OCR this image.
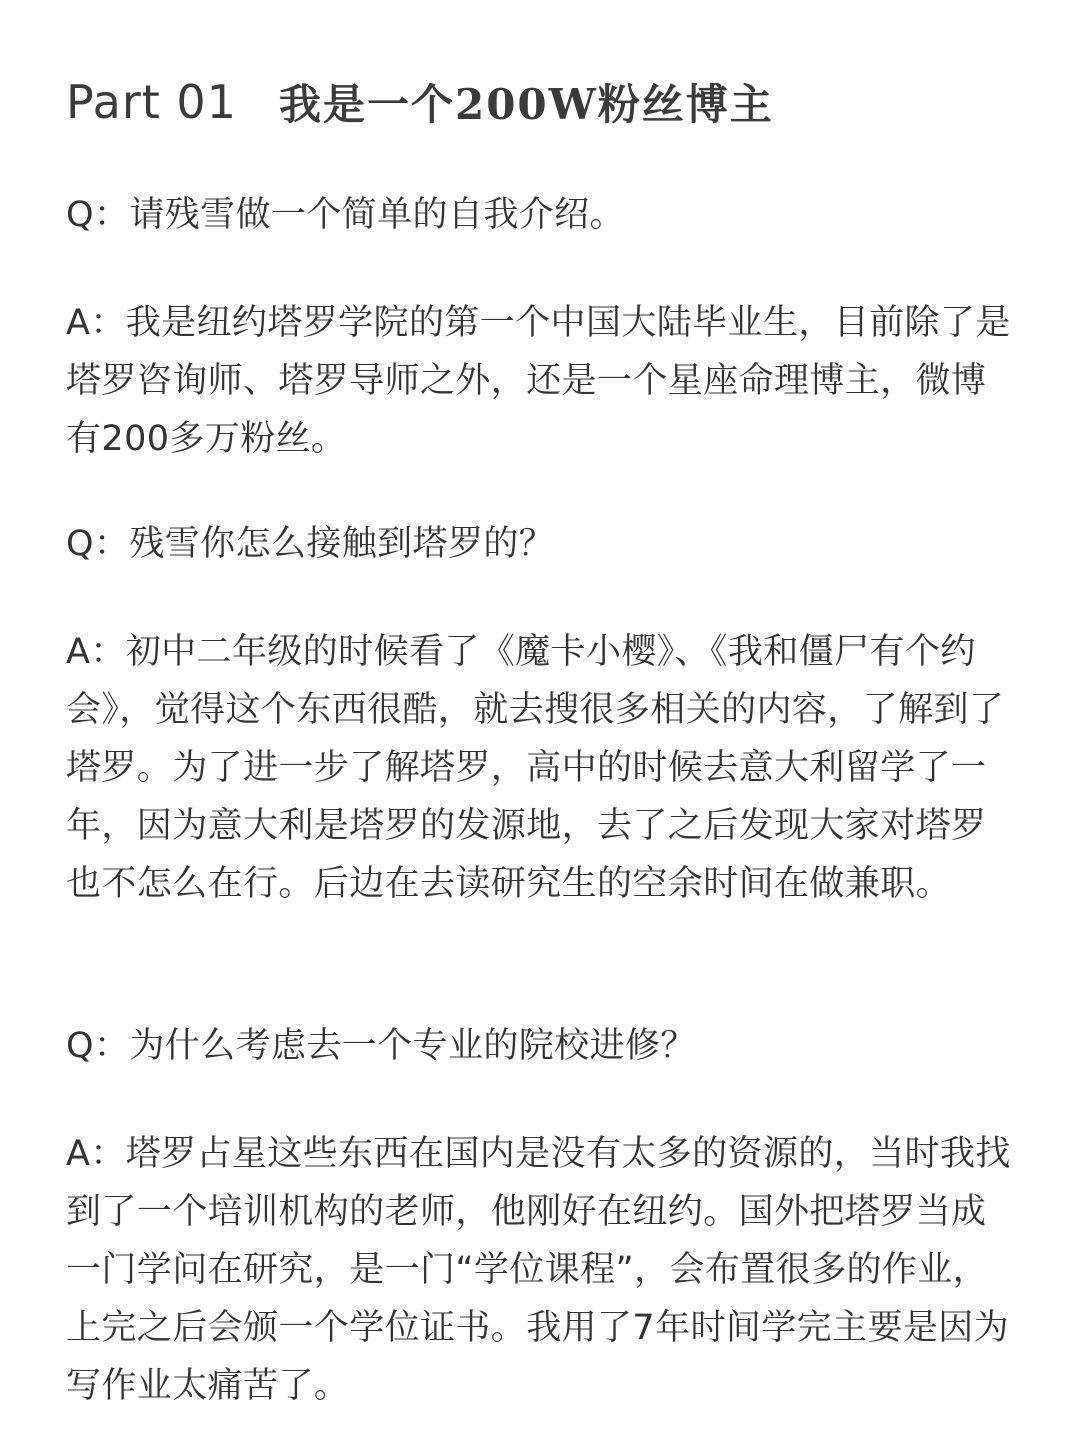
Part 01 我是一个200W粉丝博主

Q：请残雪做一个简单的自我介绍。

A：我是纽约塔罗学院的第一个中国大陆毕业生，目前除了是塔罗咨询师、塔罗导师之外，还是一个星座命理博主，微博有200多万粉丝。

Q：残雪你怎么接触到塔罗的？

A：初中二年级的时候看了《魔卡小樱》、《我和僵尸有个约会》，觉得这个东西很酷，就去搜很多相关的内容，了解到了塔罗。为了进一步了解塔罗，高中的时候去意大利留学了一年，因为意大利是塔罗的发源地，去了之后发现大家对塔罗也不怎么在行。后边在去读研究生的空余时间在做兼职。

Q：为什么考虑去一个专业的院校进修？

A：塔罗占星这些东西在国内是没有太多的资源的，当时我找到了一个培训机构的老师，他刚好在纽约。国外把塔罗当成一门学问在研究，是一门“学位课程”，会布置很多的作业，上完之后会颁一个学位证书。我用了7年时间学完主要是因为写作业太痛苦了。
